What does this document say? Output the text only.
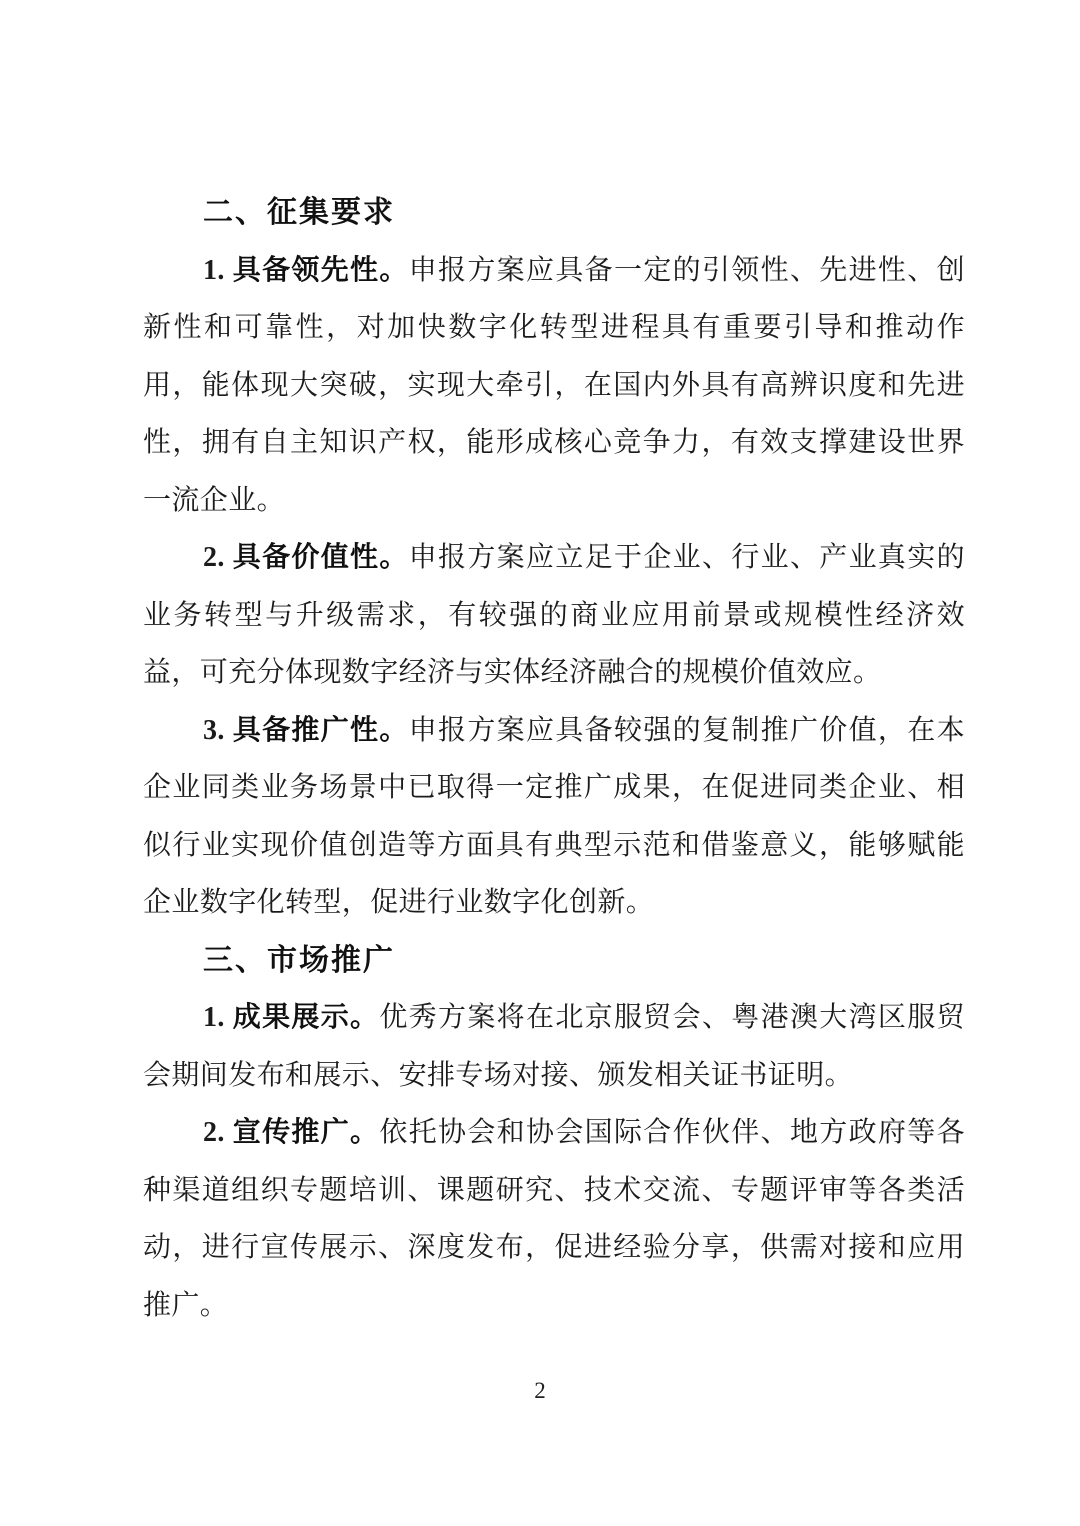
二、征集要求

1. 具备领先性。申报方案应具备一定的引领性、先进性、创新性和可靠性，对加快数字化转型进程具有重要引导和推动作用，能体现大突破，实现大牵引，在国内外具有高辨识度和先进性，拥有自主知识产权，能形成核心竞争力，有效支撑建设世界一流企业。

2. 具备价值性。申报方案应立足于企业、行业、产业真实的业务转型与升级需求，有较强的商业应用前景或规模性经济效益，可充分体现数字经济与实体经济融合的规模价值效应。

3. 具备推广性。申报方案应具备较强的复制推广价值，在本企业同类业务场景中已取得一定推广成果，在促进同类企业、相似行业实现价值创造等方面具有典型示范和借鉴意义，能够赋能企业数字化转型，促进行业数字化创新。

三、市场推广

1. 成果展示。优秀方案将在北京服贸会、粤港澳大湾区服贸会期间发布和展示、安排专场对接、颁发相关证书证明。

2. 宣传推广。依托协会和协会国际合作伙伴、地方政府等各种渠道组织专题培训、课题研究、技术交流、专题评审等各类活动，进行宣传展示、深度发布，促进经验分享，供需对接和应用推广。

2
